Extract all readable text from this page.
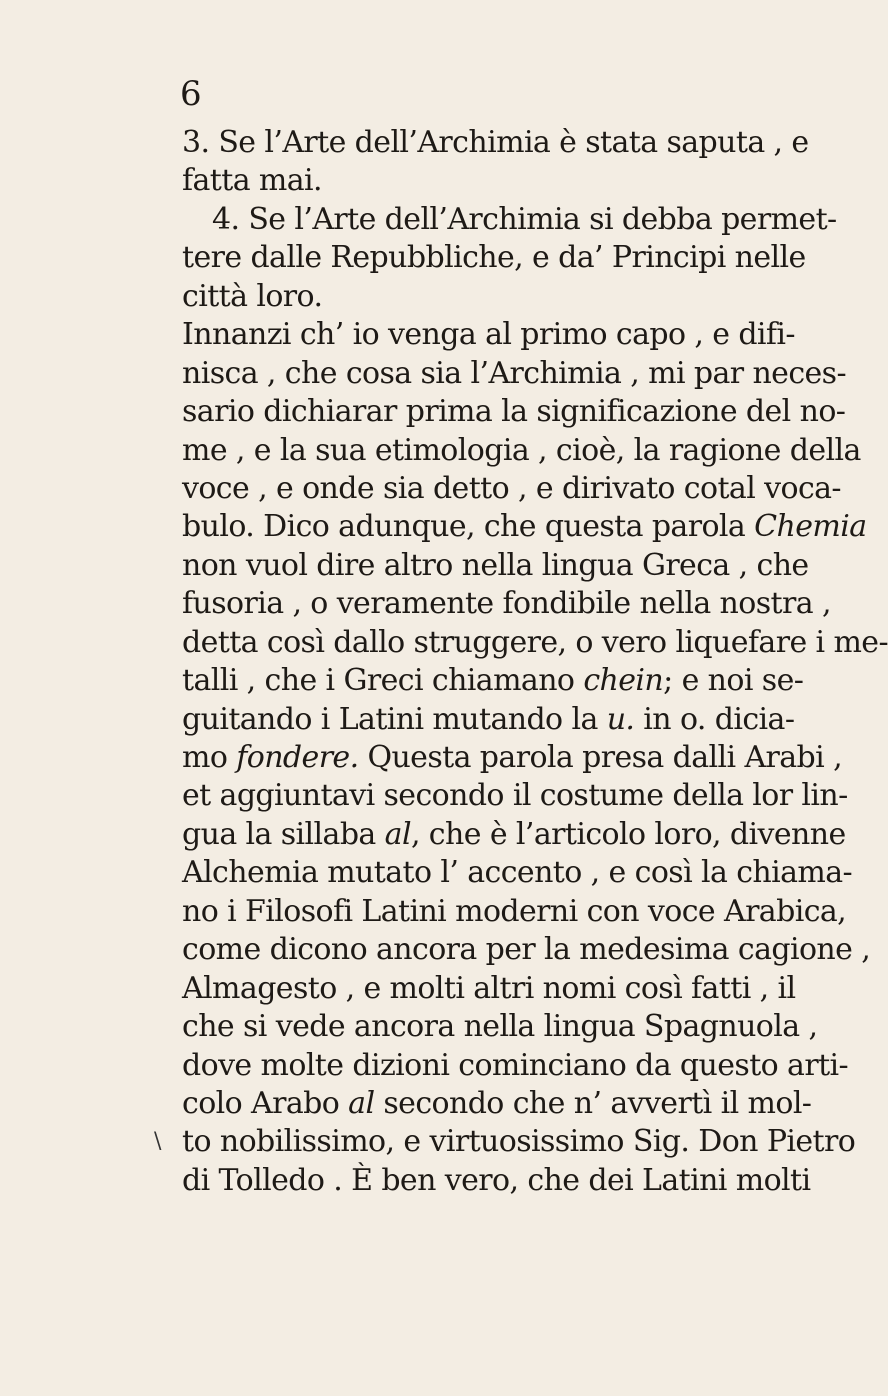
6
3. Se l’Arte dell’Archimia è stata saputa , e
fatta mai.
4. Se l’Arte dell’Archimia si debba permet-
tere dalle Repubbliche, e da’ Principi nelle
città loro.
Innanzi ch’ io venga al primo capo , e difi-
nisca , che cosa sia l’Archimia , mi par neces-
sario dichiarar prima la significazione del no-
me , e la sua etimologia , cioè, la ragione della
voce , e onde sia detto , e dirivato cotal voca-
bulo. Dico adunque, che questa parola Chemia
non vuol dire altro nella lingua Greca , che
fusoria , o veramente fondibile nella nostra ,
detta così dallo struggere, o vero liquefare i me-
talli , che i Greci chiamano chein; e noi se-
guitando i Latini mutando la u. in o. dicia-
mo fondere. Questa parola presa dalli Arabi ,
et aggiuntavi secondo il costume della lor lin-
gua la sillaba al, che è l’articolo loro, divenne
Alchemia mutato l’ accento , e così la chiama-
no i Filosofi Latini moderni con voce Arabica,
come dicono ancora per la medesima cagione ,
Almagesto , e molti altri nomi così fatti , il
che si vede ancora nella lingua Spagnuola ,
dove molte dizioni cominciano da questo arti-
colo Arabo al secondo che n’ avvertì il mol-
\ to nobilissimo, e virtuosissimo Sig. Don Pietro
di Tolledo . È ben vero, che dei Latini molti
